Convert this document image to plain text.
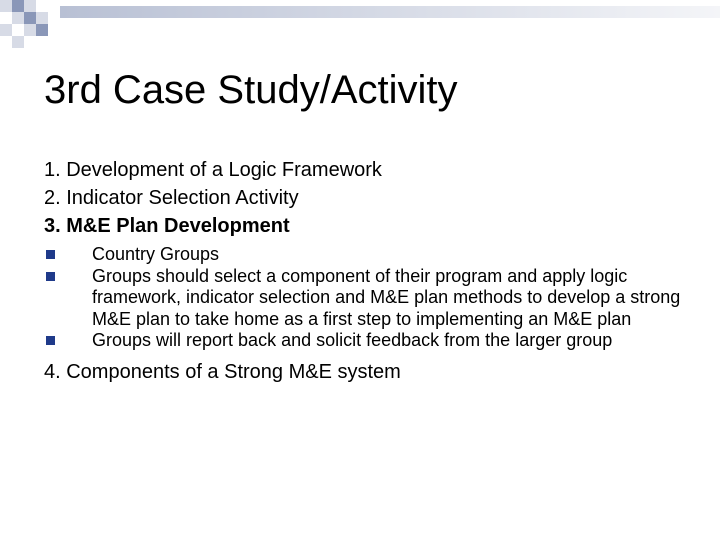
3rd Case Study/Activity
1. Development of a Logic Framework
2. Indicator Selection Activity
3. M&E Plan Development
Country Groups
Groups should select a component of their program and apply logic framework, indicator selection and M&E plan methods to develop a strong M&E plan to take home as a first step to implementing an M&E plan
Groups will report back and solicit feedback from the larger group
4. Components of a Strong M&E system
